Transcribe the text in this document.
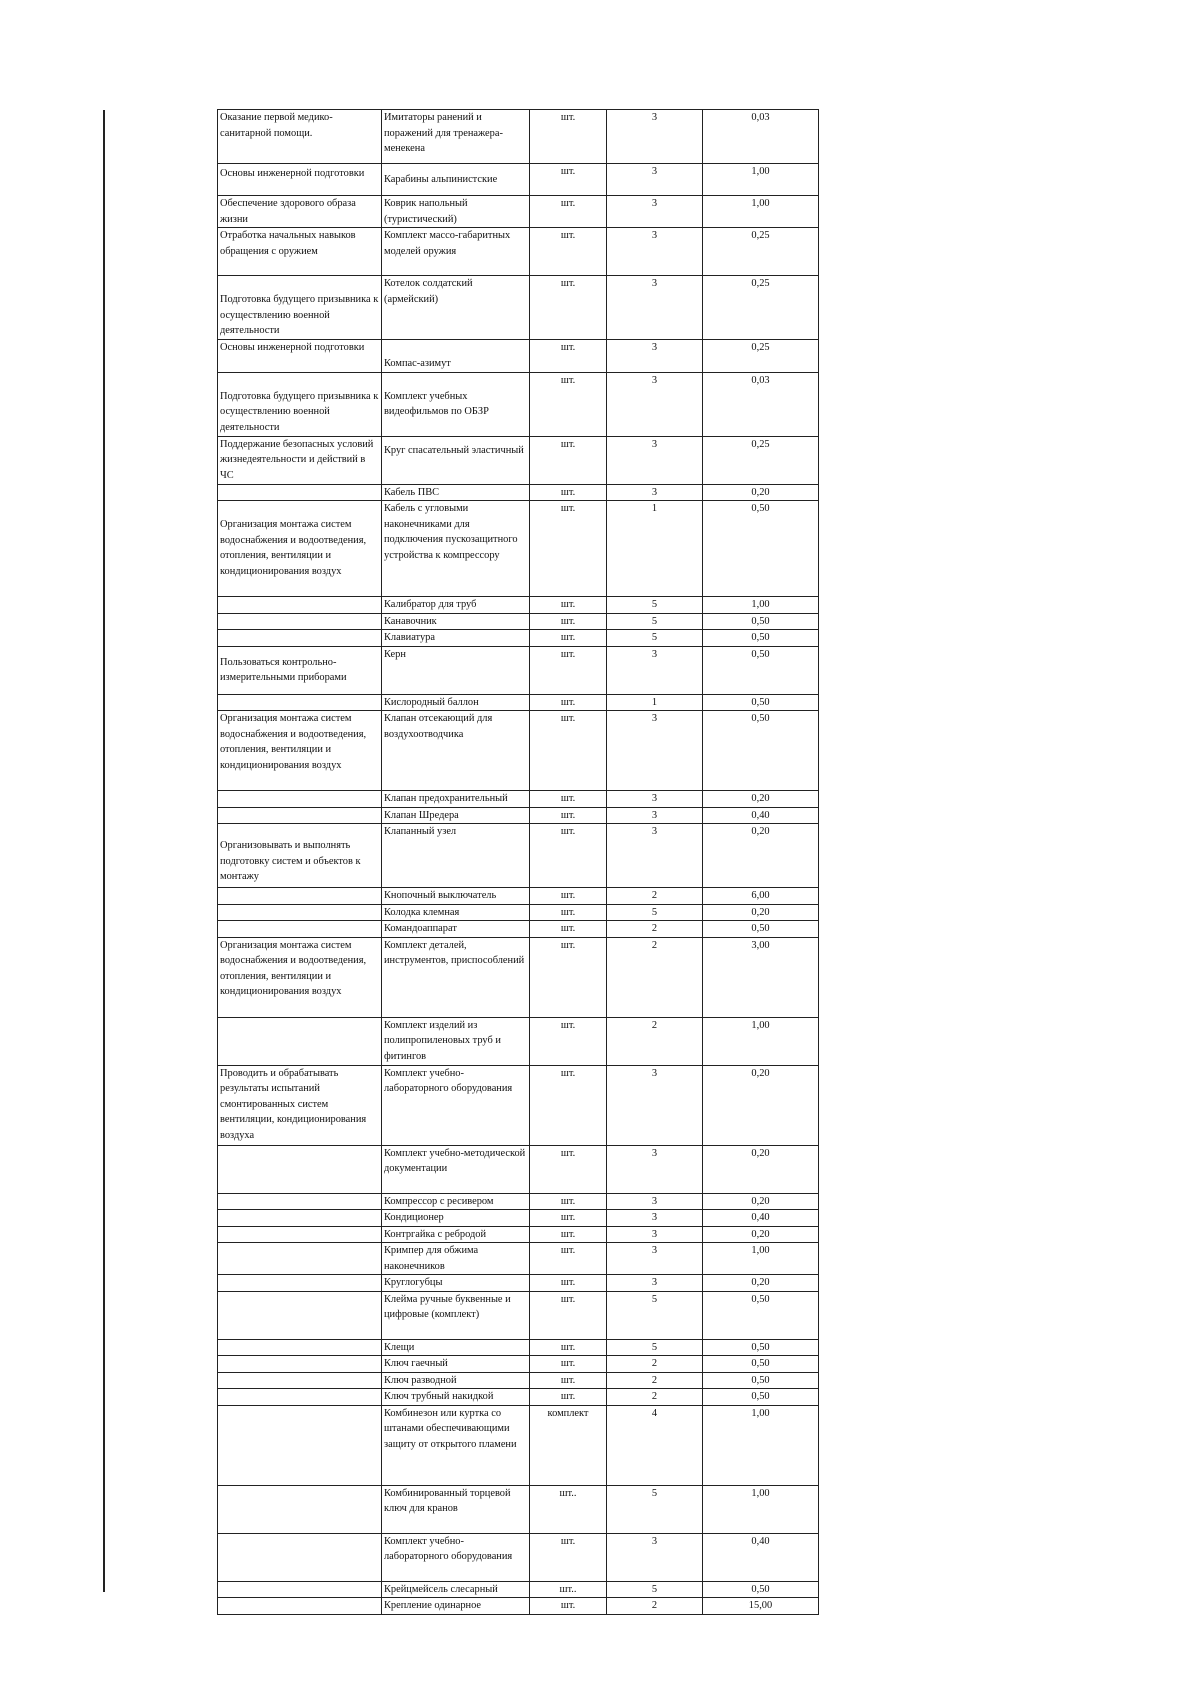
Оказание первой медико-санитарной помощи.	Имитаторы ранений и поражений для тренажера-менекена	шт.	3	0,03
Основы инженерной подготовки	Карабины альпинистские	шт.	3	1,00
Обеспечение здорового образа жизни	Коврик напольный (туристический)	шт.	3	1,00
Отработка начальных навыков обращения с оружием	Комплект массо-габаритных моделей оружия	шт.	3	0,25
Подготовка будущего призывника к осуществлению военной деятельности	Котелок солдатский (армейский)	шт.	3	0,25
Основы инженерной подготовки	Компас-азимут	шт.	3	0,25
Подготовка будущего призывника к осуществлению военной деятельности	Комплект учебных видеофильмов по ОБЗР	шт.	3	0,03
Поддержание безопасных условий жизнедеятельности и действий в ЧС	Круг спасательный эластичный	шт.	3	0,25
	Кабель ПВС	шт.	3	0,20
Организация монтажа систем водоснабжения и водоотведения, отопления, вентиляции и кондиционирования воздух	Кабель с угловыми наконечниками для подключения пускозащитного устройства к компрессору	шт.	1	0,50
	Калибратор для труб	шт.	5	1,00
	Канавочник	шт.	5	0,50
	Клавиатура	шт.	5	0,50
Пользоваться контрольно-измерительными приборами	Керн	шт.	3	0,50
	Кислородный баллон	шт.	1	0,50
Организация монтажа систем водоснабжения и водоотведения, отопления, вентиляции и кондиционирования воздух	Клапан отсекающий для воздухоотводчика	шт.	3	0,50
	Клапан предохранительный	шт.	3	0,20
	Клапан Шредера	шт.	3	0,40
Организовывать и выполнять подготовку систем и объектов к монтажу	Клапанный узел	шт.	3	0,20
	Кнопочный выключатель	шт.	2	6,00
	Колодка клемная	шт.	5	0,20
	Командоаппарат	шт.	2	0,50
Организация монтажа систем водоснабжения и водоотведения, отопления, вентиляции и кондиционирования воздух	Комплект деталей, инструментов, приспособлений	шт.	2	3,00
	Комплект изделий из полипропиленовых труб и фитингов	шт.	2	1,00
Проводить и обрабатывать результаты испытаний смонтированных систем вентиляции, кондиционирования воздуха	Комплект учебно-лабораторного оборудования	шт.	3	0,20
	Комплект учебно-методической документации	шт.	3	0,20
	Компрессор с ресивером	шт.	3	0,20
	Кондиционер	шт.	3	0,40
	Контргайка с ребродой	шт.	3	0,20
	Кримпер для обжима наконечников	шт.	3	1,00
	Круглогубцы	шт.	3	0,20
	Клейма ручные буквенные и цифровые (комплект)	шт.	5	0,50
	Клещи	шт.	5	0,50
	Ключ гаечный	шт.	2	0,50
	Ключ разводной	шт.	2	0,50
	Ключ трубный накидкой	шт.	2	0,50
	Комбинезон или куртка со штанами обеспечивающими защиту от открытого пламени	комплект	4	1,00
	Комбинированный торцевой ключ для кранов	шт..	5	1,00
	Комплект учебно-лабораторного оборудования	шт.	3	0,40
	Крейцмейсель слесарный	шт..	5	0,50
	Крепление одинарное	шт.	2	15,00
